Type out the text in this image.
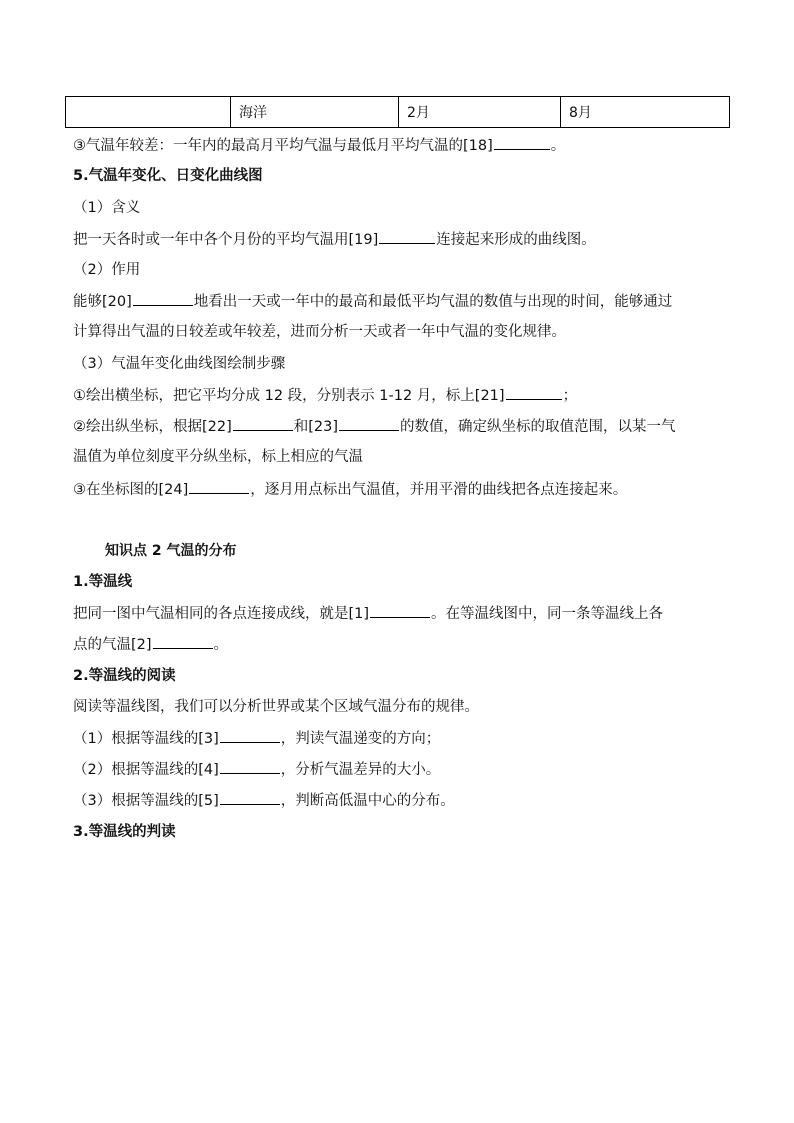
	海洋	2月	8月
③气温年较差：一年内的最高月平均气温与最低月平均气温的[18]	。
5.气温年变化、日变化曲线图
（1）含义
把一天各时或一年中各个月份的平均气温用[19]	连接起来形成的曲线图。
（2）作用
能够[20]	地看出一天或一年中的最高和最低平均气温的数值与出现的时间，能够通过
计算得出气温的日较差或年较差，进而分析一天或者一年中气温的变化规律。
（3）气温年变化曲线图绘制步骤
①绘出横坐标，把它平均分成 12 段，分别表示 1-12 月，标上[21]	；
②绘出纵坐标，根据[22]	和[23]	的数值，确定纵坐标的取值范围，以某一气
温值为单位刻度平分纵坐标，标上相应的气温
③在坐标图的[24]	，逐月用点标出气温值，并用平滑的曲线把各点连接起来。
知识点 2 气温的分布
1.等温线
把同一图中气温相同的各点连接成线，就是[1]	。在等温线图中，同一条等温线上各
点的气温[2]	。
2.等温线的阅读
阅读等温线图，我们可以分析世界或某个区域气温分布的规律。
（1）根据等温线的[3]	，判读气温递变的方向；
（2）根据等温线的[4]	，分析气温差异的大小。
（3）根据等温线的[5]	，判断高低温中心的分布。
3.等温线的判读
